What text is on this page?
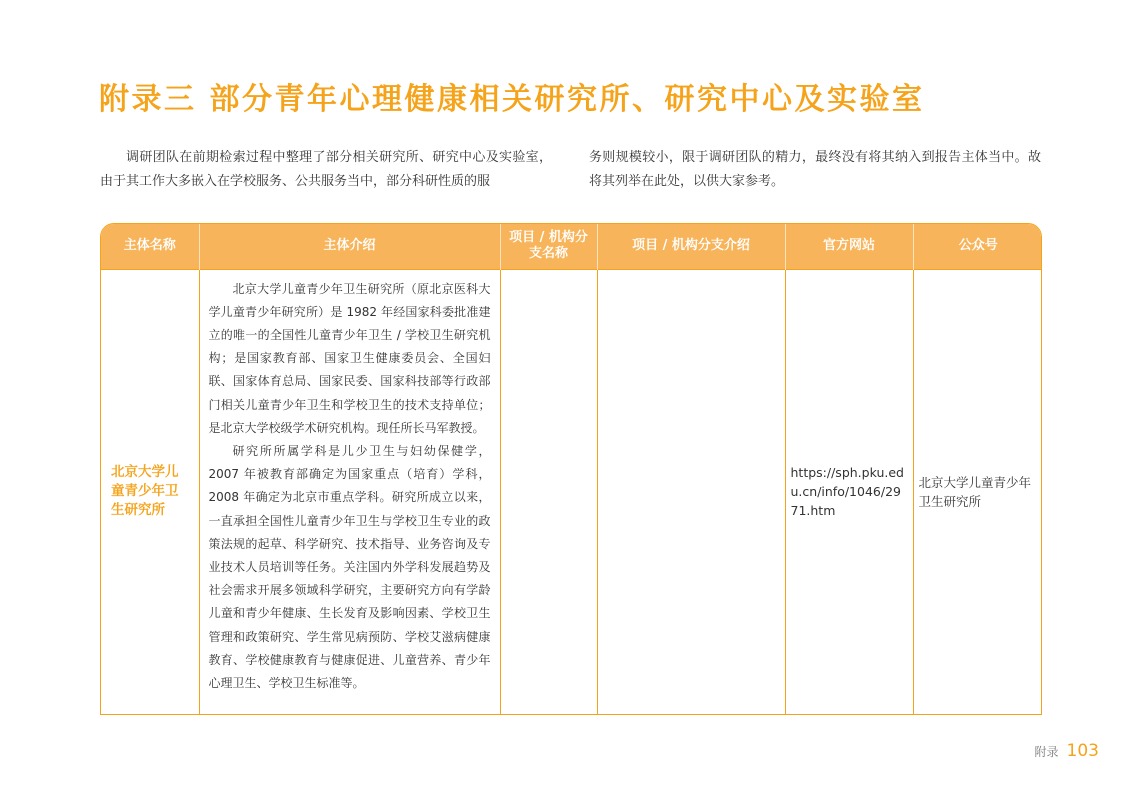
附录三 部分青年心理健康相关研究所、研究中心及实验室

调研团队在前期检索过程中整理了部分相关研究所、研究中心及实验室，由于其工作大多嵌入在学校服务、公共服务当中，部分科研性质的服

务则规模较小，限于调研团队的精力，最终没有将其纳入到报告主体当中。故将其列举在此处，以供大家参考。

主体名称	主体介绍	项目 / 机构分支名称	项目 / 机构分支介绍	官方网站	公众号
北京大学儿童青少年卫生研究所	北京大学儿童青少年卫生研究所（原北京医科大学儿童青少年研究所）是 1982 年经国家科委批准建立的唯一的全国性儿童青少年卫生 / 学校卫生研究机构；是国家教育部、国家卫生健康委员会、全国妇联、国家体育总局、国家民委、国家科技部等行政部门相关儿童青少年卫生和学校卫生的技术支持单位；是北京大学校级学术研究机构。现任所长马军教授。

研究所所属学科是儿少卫生与妇幼保健学，2007 年被教育部确定为国家重点（培育）学科，2008 年确定为北京市重点学科。研究所成立以来，一直承担全国性儿童青少年卫生与学校卫生专业的政策法规的起草、科学研究、技术指导、业务咨询及专业技术人员培训等任务。关注国内外学科发展趋势及社会需求开展多领域科学研究，主要研究方向有学龄儿童和青少年健康、生长发育及影响因素、学校卫生管理和政策研究、学生常见病预防、学校艾滋病健康教育、学校健康教育与健康促进、儿童营养、青少年心理卫生、学校卫生标准等。			https://sph.pku.edu.cn/info/1046/2971.htm	北京大学儿童青少年卫生研究所
附录 103
